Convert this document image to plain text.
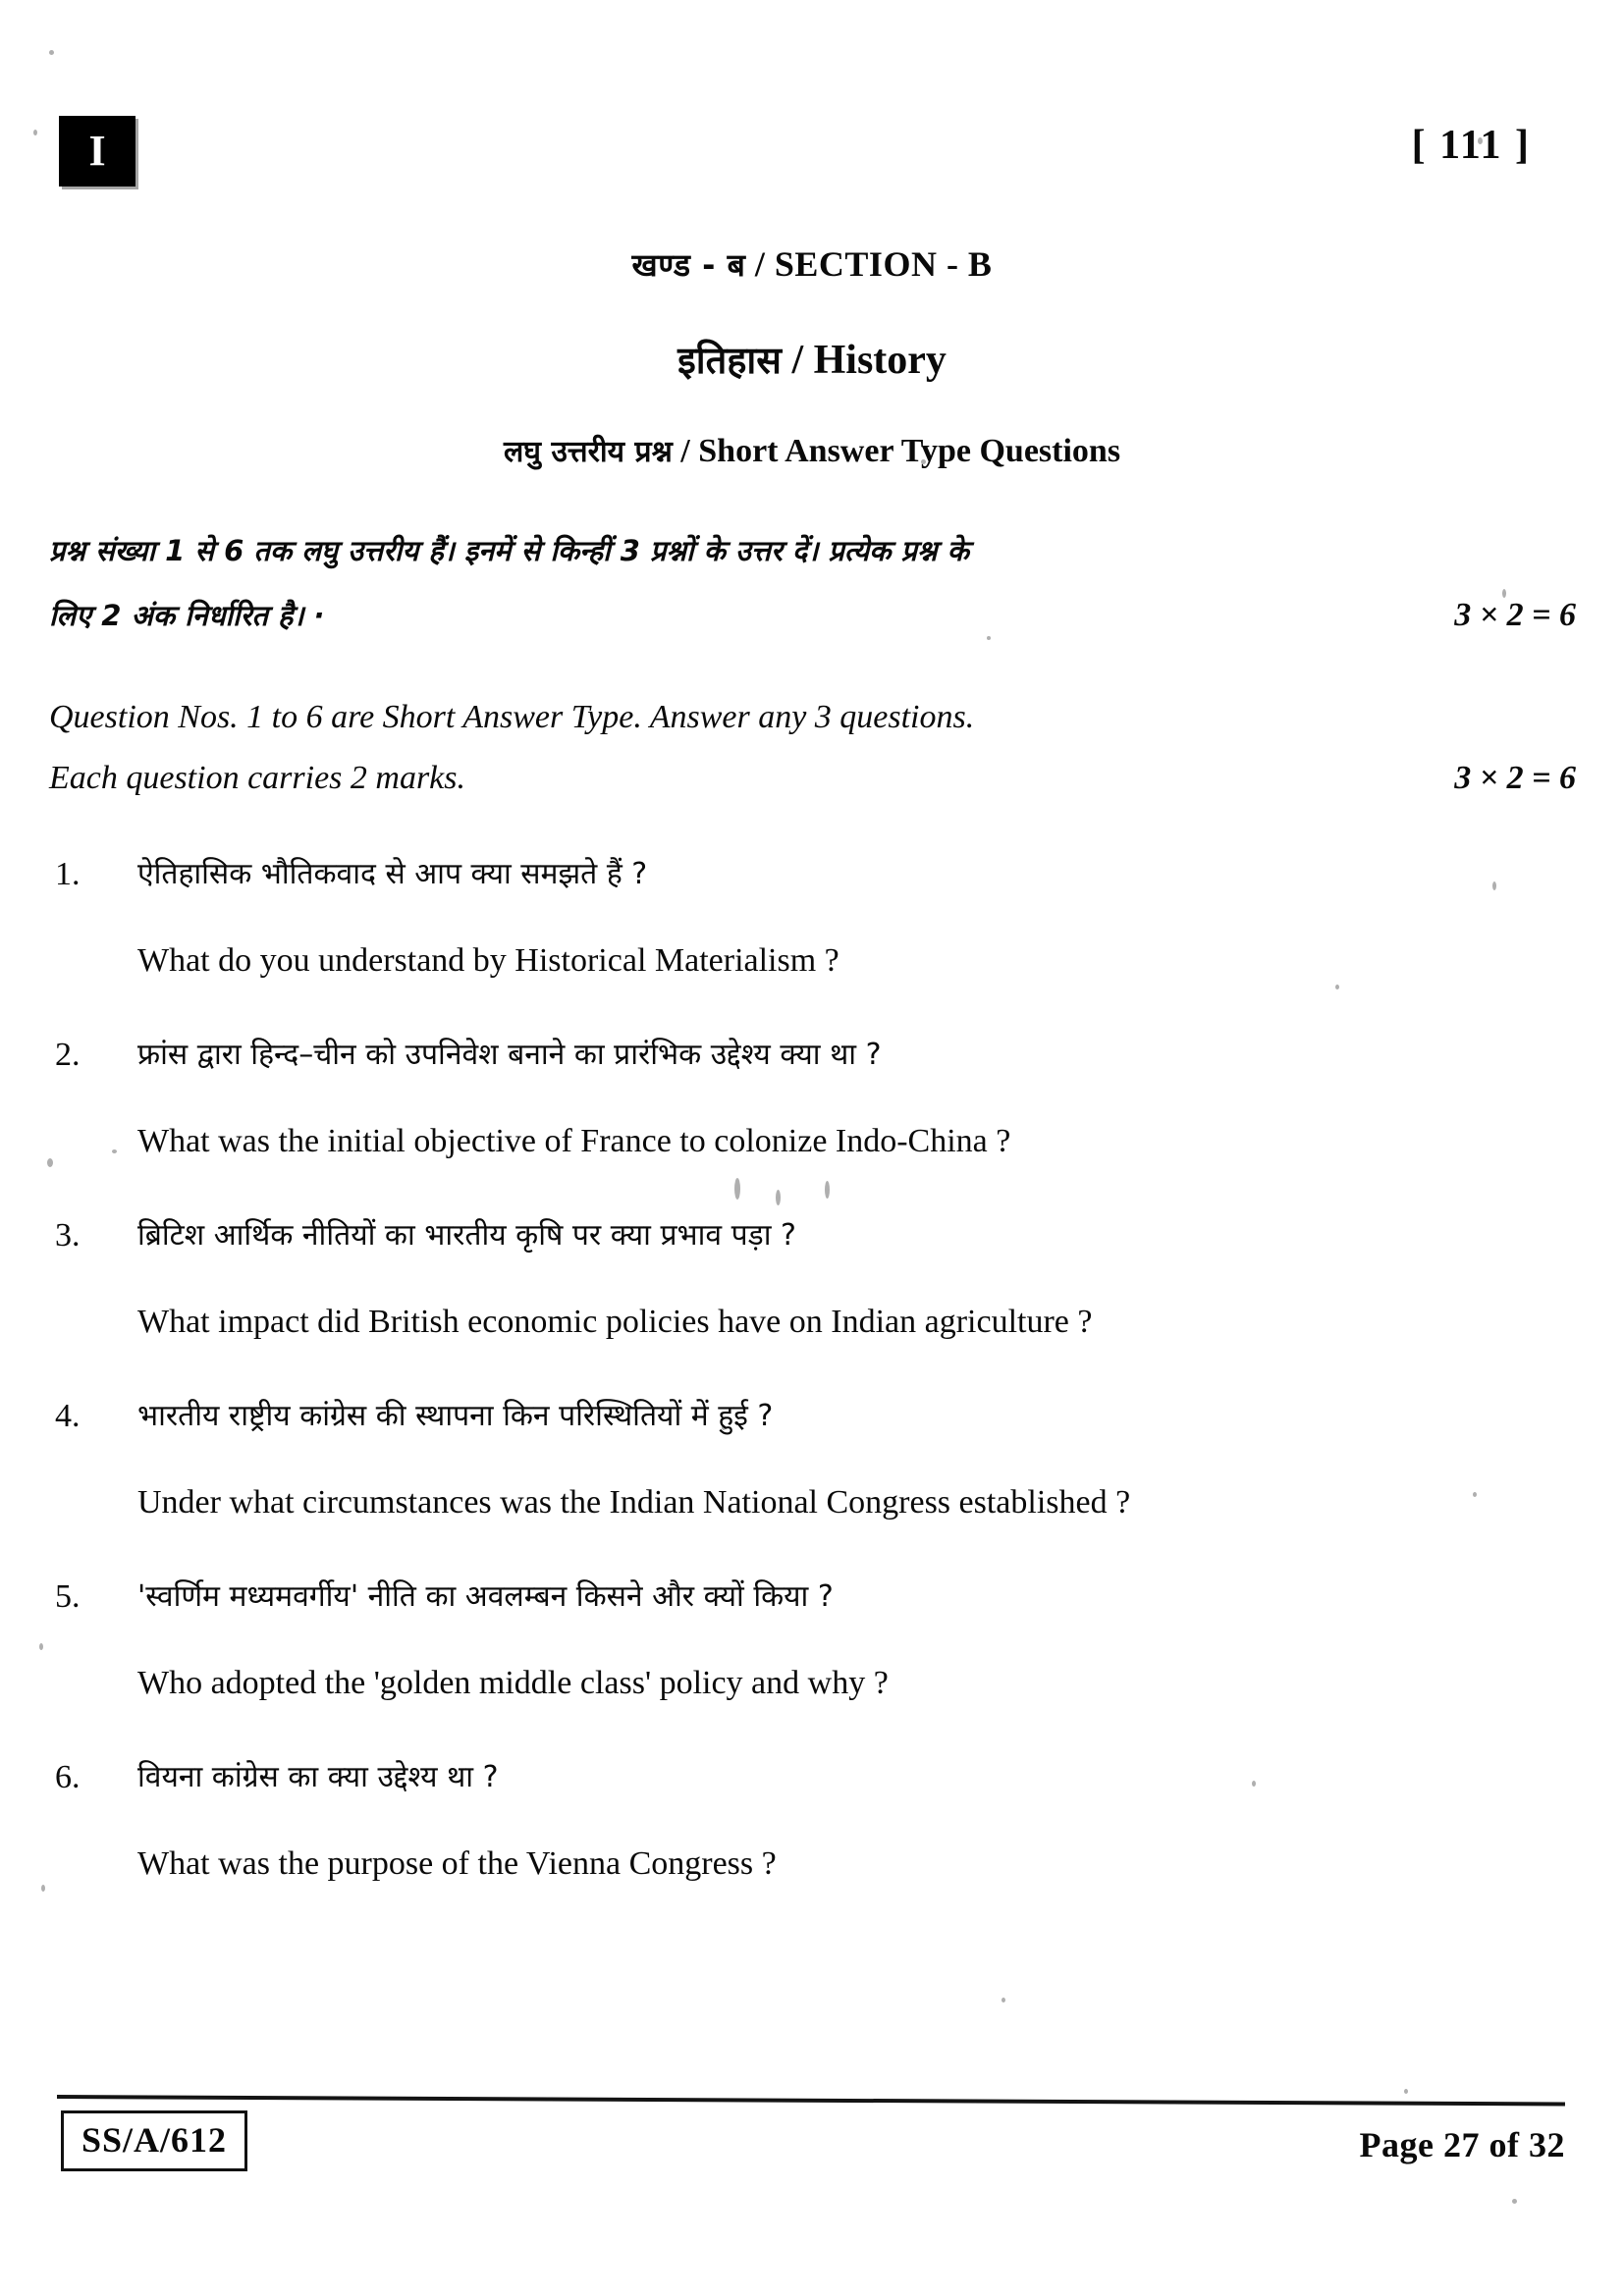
I	[ 111 ]
खण्ड - ब / SECTION - B
इतिहास / History
लघु उत्तरीय प्रश्न / Short Answer Type Questions
प्रश्न संख्या 1 से 6 तक लघु उत्तरीय हैं। इनमें से किन्हीं 3 प्रश्नों के उत्तर दें। प्रत्येक प्रश्न के
लिए 2 अंक निर्धारित है। ·	3 × 2 = 6
Question Nos. 1 to 6 are Short Answer Type. Answer any 3 questions.
Each question carries 2 marks.	3 × 2 = 6
1.	ऐतिहासिक भौतिकवाद से आप क्या समझते हैं ?
What do you understand by Historical Materialism ?
2.	फ्रांस द्वारा हिन्द–चीन को उपनिवेश बनाने का प्रारंभिक उद्देश्य क्या था ?
What was the initial objective of France to colonize Indo-China ?
3.	ब्रिटिश आर्थिक नीतियों का भारतीय कृषि पर क्या प्रभाव पड़ा ?
What impact did British economic policies have on Indian agriculture ?
4.	भारतीय राष्ट्रीय कांग्रेस की स्थापना किन परिस्थितियों में हुई ?
Under what circumstances was the Indian National Congress established ?
5.	'स्वर्णिम मध्यमवर्गीय' नीति का अवलम्बन किसने और क्यों किया ?
Who adopted the 'golden middle class' policy and why ?
6.	वियना कांग्रेस का क्या उद्देश्य था ?
What was the purpose of the Vienna Congress ?
SS/A/612	Page 27 of 32
